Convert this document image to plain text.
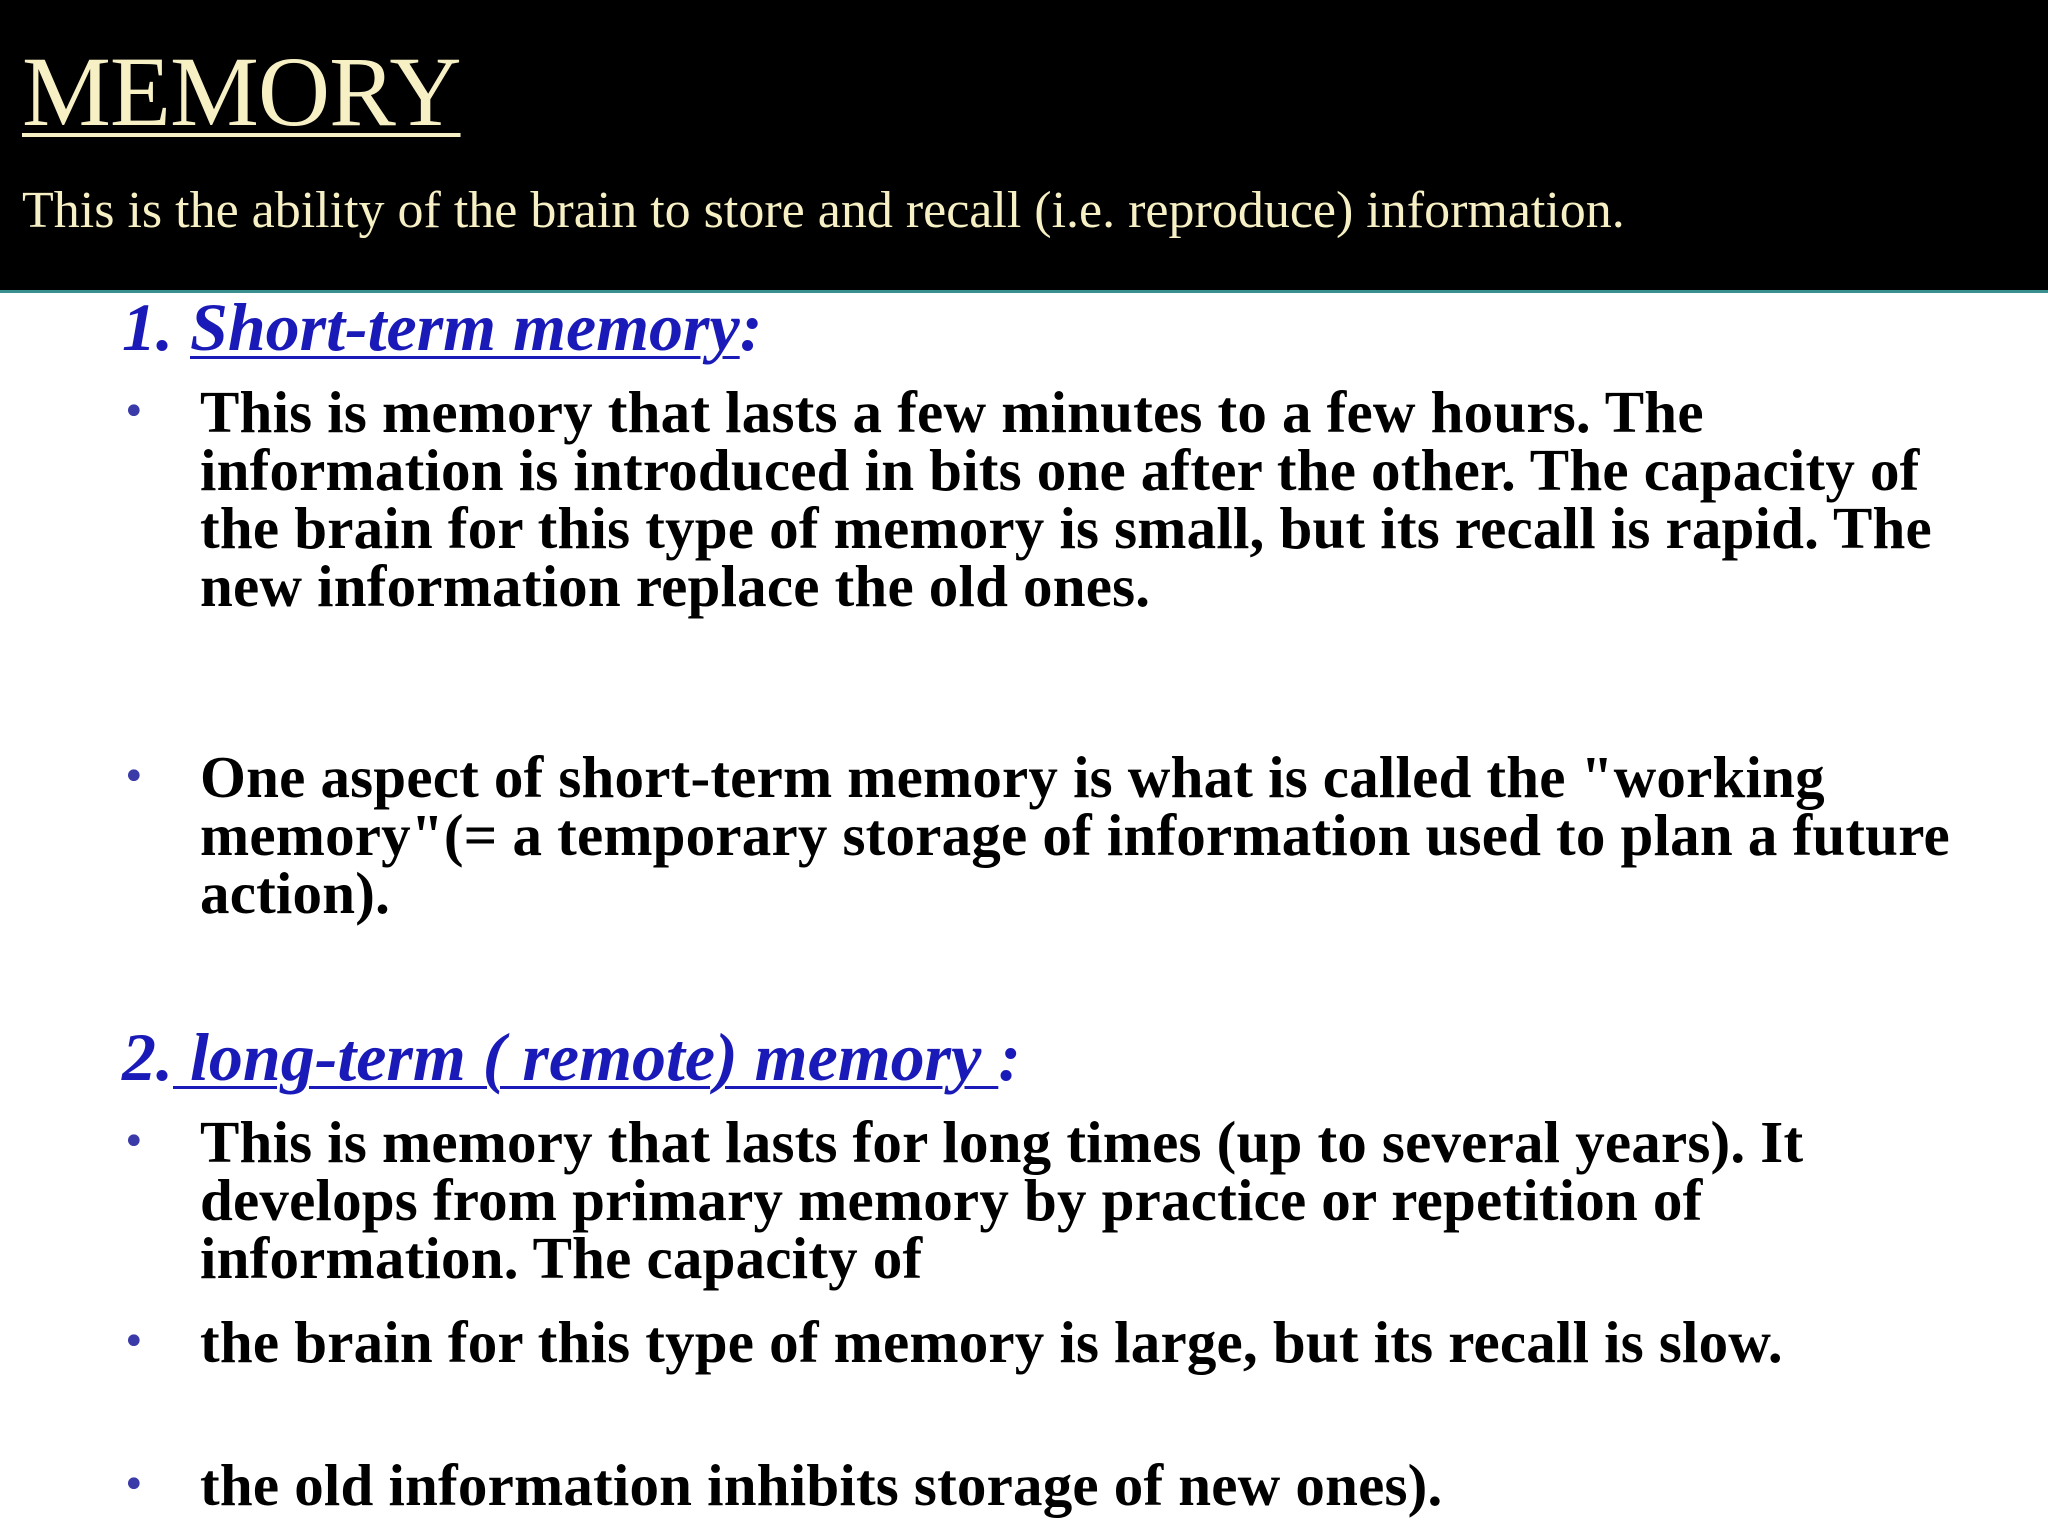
MEMORY

This is the ability of the brain to store and recall (i.e. reproduce) information.

1. Short-term memory:
• This is memory that lasts a few minutes to a few hours. The information is introduced in bits one after the other. The capacity of the brain for this type of memory is small, but its recall is rapid. The new information replace the old ones.
• One aspect of short-term memory is what is called the "working memory"(= a temporary storage of information used to plan a future action).
2. long-term ( remote) memory :
• This is memory that lasts for long times (up to several years). It develops from primary memory by practice or repetition of information. The capacity of
• the brain for this type of memory is large, but its recall is slow.
• the old information inhibits storage of new ones).
